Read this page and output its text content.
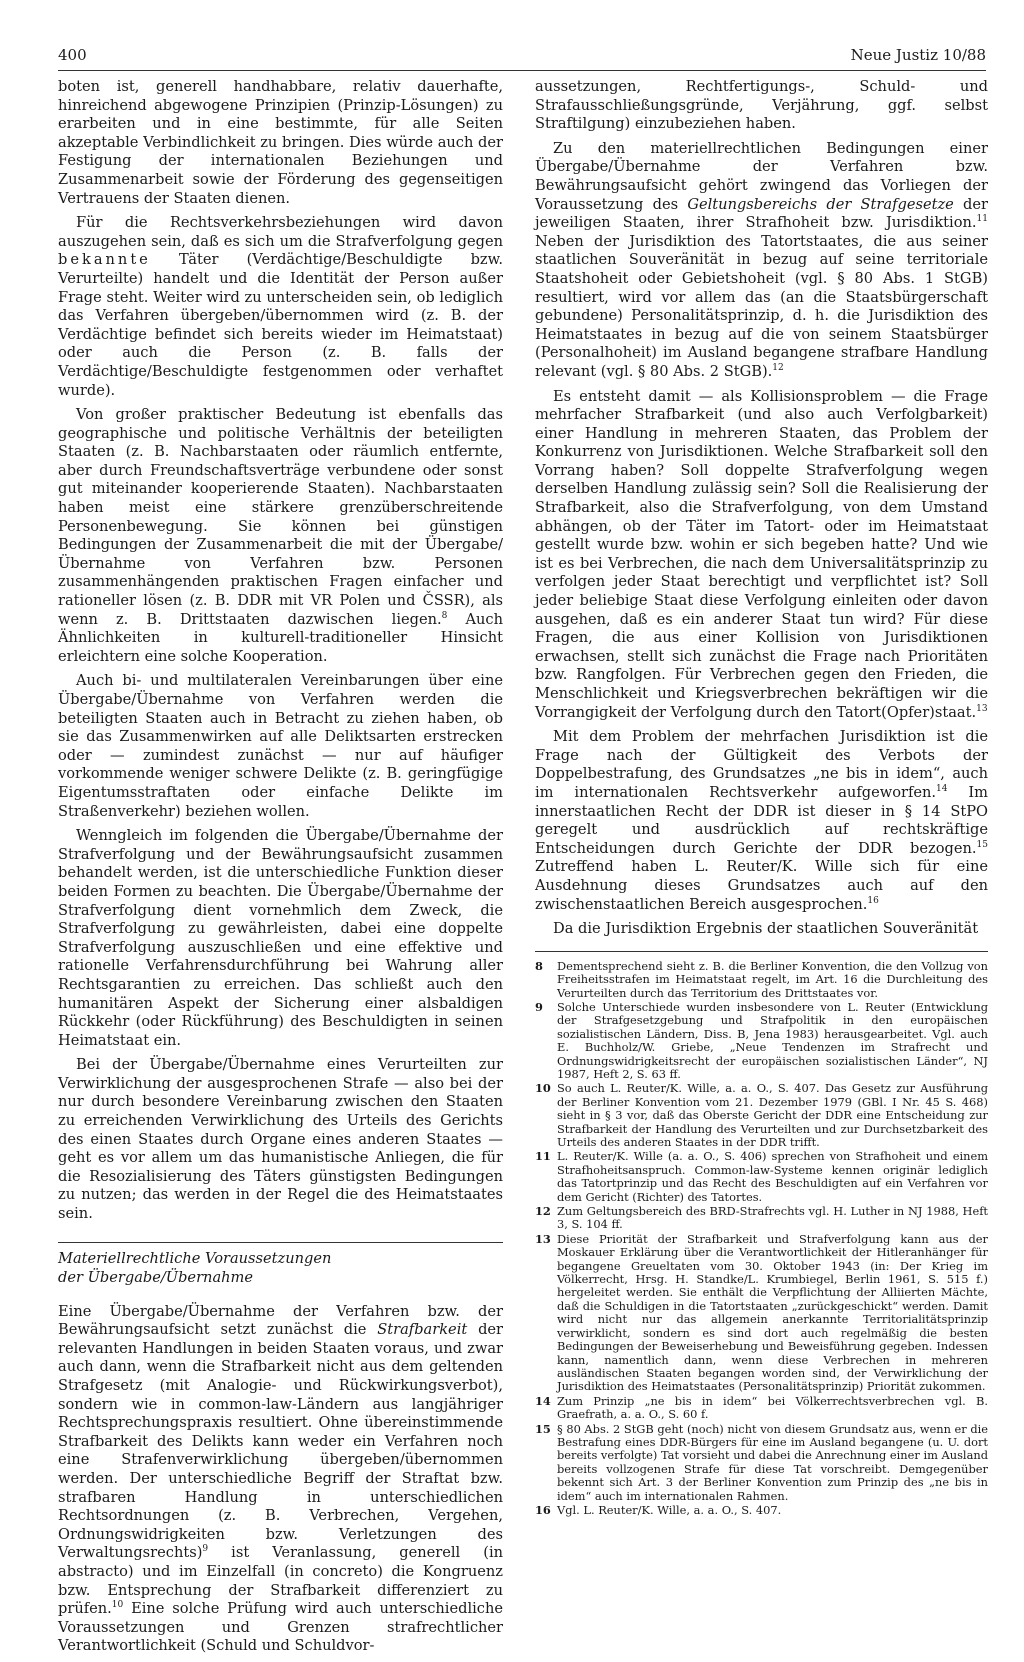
400	Neue Justiz 10/88

boten ist, generell handhabbare, relativ dauerhafte, hinreichend abgewogene Prinzipien (Prinzip-Lösungen) zu erarbeiten und in eine bestimmte, für alle Seiten akzeptable Verbindlichkeit zu bringen. Dies würde auch der Festigung der internationalen Beziehungen und Zusammenarbeit sowie der Förderung des gegenseitigen Vertrauens der Staaten dienen.

Für die Rechtsverkehrsbeziehungen wird davon auszugehen sein, daß es sich um die Strafverfolgung gegen bekannte Täter (Verdächtige/Beschuldigte bzw. Verurteilte) handelt und die Identität der Person außer Frage steht. Weiter wird zu unterscheiden sein, ob lediglich das Verfahren übergeben/übernommen wird (z. B. der Verdächtige befindet sich bereits wieder im Heimatstaat) oder auch die Person (z. B. falls der Verdächtige/Beschuldigte festgenommen oder verhaftet wurde).

Von großer praktischer Bedeutung ist ebenfalls das geographische und politische Verhältnis der beteiligten Staaten (z. B. Nachbarstaaten oder räumlich entfernte, aber durch Freundschaftsverträge verbundene oder sonst gut miteinander kooperierende Staaten). Nachbarstaaten haben meist eine stärkere grenzüberschreitende Personenbewegung. Sie können bei günstigen Bedingungen der Zusammenarbeit die mit der Übergabe/Übernahme von Verfahren bzw. Personen zusammenhängenden praktischen Fragen einfacher und rationeller lösen (z. B. DDR mit VR Polen und ČSSR), als wenn z. B. Drittstaaten dazwischen liegen.$^8$ Auch Ähnlichkeiten in kulturell-traditioneller Hinsicht erleichtern eine solche Kooperation.

Auch bi- und multilateralen Vereinbarungen über eine Übergabe/Übernahme von Verfahren werden die beteiligten Staaten auch in Betracht zu ziehen haben, ob sie das Zusammenwirken auf alle Deliktsarten erstrecken oder — zumindest zunächst — nur auf häufiger vorkommende weniger schwere Delikte (z. B. geringfügige Eigentumsstraftaten oder einfache Delikte im Straßenverkehr) beziehen wollen.

Wenngleich im folgenden die Übergabe/Übernahme der Strafverfolgung und der Bewährungsaufsicht zusammen behandelt werden, ist die unterschiedliche Funktion dieser beiden Formen zu beachten. Die Übergabe/Übernahme der Strafverfolgung dient vornehmlich dem Zweck, die Strafverfolgung zu gewährleisten, dabei eine doppelte Strafverfolgung auszuschließen und eine effektive und rationelle Verfahrensdurchführung bei Wahrung aller Rechtsgarantien zu erreichen. Das schließt auch den humanitären Aspekt der Sicherung einer alsbaldigen Rückkehr (oder Rückführung) des Beschuldigten in seinen Heimatstaat ein.

Bei der Übergabe/Übernahme eines Verurteilten zur Verwirklichung der ausgesprochenen Strafe — also bei der nur durch besondere Vereinbarung zwischen den Staaten zu erreichenden Verwirklichung des Urteils des Gerichts des einen Staates durch Organe eines anderen Staates — geht es vor allem um das humanistische Anliegen, die für die Resozialisierung des Täters günstigsten Bedingungen zu nutzen; das werden in der Regel die des Heimatstaates sein.

Materiellrechtliche Voraussetzungen
der Übergabe/Übernahme

Eine Übergabe/Übernahme der Verfahren bzw. der Bewährungsaufsicht setzt zunächst die Strafbarkeit der relevanten Handlungen in beiden Staaten voraus, und zwar auch dann, wenn die Strafbarkeit nicht aus dem geltenden Strafgesetz (mit Analogie- und Rückwirkungsverbot), sondern wie in common-law-Ländern aus langjähriger Rechtsprechungspraxis resultiert. Ohne übereinstimmende Strafbarkeit des Delikts kann weder ein Verfahren noch eine Strafenverwirklichung übergeben/übernommen werden. Der unterschiedliche Begriff der Straftat bzw. strafbaren Handlung in unterschiedlichen Rechtsordnungen (z. B. Verbrechen, Vergehen, Ordnungswidrigkeiten bzw. Verletzungen des Verwaltungsrechts)$^9$ ist Veranlassung, generell (in abstracto) und im Einzelfall (in concreto) die Kongruenz bzw. Entsprechung der Strafbarkeit differenziert zu prüfen.$^{10}$ Eine solche Prüfung wird auch unterschiedliche Voraussetzungen und Grenzen strafrechtlicher Verantwortlichkeit (Schuld und Schuldvor-

aussetzungen, Rechtfertigungs-, Schuld- und Strafausschließungsgründe, Verjährung, ggf. selbst Straftilgung) einzubeziehen haben.

Zu den materiellrechtlichen Bedingungen einer Übergabe/Übernahme der Verfahren bzw. Bewährungsaufsicht gehört zwingend das Vorliegen der Voraussetzung des Geltungsbereichs der Strafgesetze der jeweiligen Staaten, ihrer Strafhoheit bzw. Jurisdiktion.$^{11}$ Neben der Jurisdiktion des Tatortstaates, die aus seiner staatlichen Souveränität in bezug auf seine territoriale Staatshoheit oder Gebietshoheit (vgl. § 80 Abs. 1 StGB) resultiert, wird vor allem das (an die Staatsbürgerschaft gebundene) Personalitätsprinzip, d. h. die Jurisdiktion des Heimatstaates in bezug auf die von seinem Staatsbürger (Personalhoheit) im Ausland begangene strafbare Handlung relevant (vgl. § 80 Abs. 2 StGB).$^{12}$

Es entsteht damit — als Kollisionsproblem — die Frage mehrfacher Strafbarkeit (und also auch Verfolgbarkeit) einer Handlung in mehreren Staaten, das Problem der Konkurrenz von Jurisdiktionen. Welche Strafbarkeit soll den Vorrang haben? Soll doppelte Strafverfolgung wegen derselben Handlung zulässig sein? Soll die Realisierung der Strafbarkeit, also die Strafverfolgung, von dem Umstand abhängen, ob der Täter im Tatort- oder im Heimatstaat gestellt wurde bzw. wohin er sich begeben hatte? Und wie ist es bei Verbrechen, die nach dem Universalitätsprinzip zu verfolgen jeder Staat berechtigt und verpflichtet ist? Soll jeder beliebige Staat diese Verfolgung einleiten oder davon ausgehen, daß es ein anderer Staat tun wird? Für diese Fragen, die aus einer Kollision von Jurisdiktionen erwachsen, stellt sich zunächst die Frage nach Prioritäten bzw. Rangfolgen. Für Verbrechen gegen den Frieden, die Menschlichkeit und Kriegsverbrechen bekräftigen wir die Vorrangigkeit der Verfolgung durch den Tatort(Opfer)staat.$^{13}$

Mit dem Problem der mehrfachen Jurisdiktion ist die Frage nach der Gültigkeit des Verbots der Doppelbestrafung, des Grundsatzes „ne bis in idem“, auch im internationalen Rechtsverkehr aufgeworfen.$^{14}$ Im innerstaatlichen Recht der DDR ist dieser in § 14 StPO geregelt und ausdrücklich auf rechtskräftige Entscheidungen durch Gerichte der DDR bezogen.$^{15}$ Zutreffend haben L. Reuter/K. Wille sich für eine Ausdehnung dieses Grundsatzes auch auf den zwischenstaatlichen Bereich ausgesprochen.$^{16}$

Da die Jurisdiktion Ergebnis der staatlichen Souveränität

8	Dementsprechend sieht z. B. die Berliner Konvention, die den Vollzug von Freiheitsstrafen im Heimatstaat regelt, im Art. 16 die Durchleitung des Verurteilten durch das Territorium des Drittstaates vor.
9	Solche Unterschiede wurden insbesondere von L. Reuter (Entwicklung der Strafgesetzgebung und Strafpolitik in den europäischen sozialistischen Ländern, Diss. B, Jena 1983) herausgearbeitet. Vgl. auch E. Buchholz/W. Griebe, „Neue Tendenzen im Strafrecht und Ordnungswidrigkeitsrecht der europäischen sozialistischen Länder“, NJ 1987, Heft 2, S. 63 ff.
10 So auch L. Reuter/K. Wille, a. a. O., S. 407. Das Gesetz zur Ausführung der Berliner Konvention vom 21. Dezember 1979 (GBl. I Nr. 45 S. 468) sieht in § 3 vor, daß das Oberste Gericht der DDR eine Entscheidung zur Strafbarkeit der Handlung des Verurteilten und zur Durchsetzbarkeit des Urteils des anderen Staates in der DDR trifft.
11 L. Reuter/K. Wille (a. a. O., S. 406) sprechen von Strafhoheit und einem Strafhoheitsanspruch. Common-law-Systeme kennen originär lediglich das Tatortprinzip und das Recht des Beschuldigten auf ein Verfahren vor dem Gericht (Richter) des Tatortes.
12 Zum Geltungsbereich des BRD-Strafrechts vgl. H. Luther in NJ 1988, Heft 3, S. 104 ff.
13 Diese Priorität der Strafbarkeit und Strafverfolgung kann aus der Moskauer Erklärung über die Verantwortlichkeit der Hitleranhänger für begangene Greueltaten vom 30. Oktober 1943 (in: Der Krieg im Völkerrecht, Hrsg. H. Standke/L. Krumbiegel, Berlin 1961, S. 515 f.) hergeleitet werden. Sie enthält die Verpflichtung der Alliierten Mächte, daß die Schuldigen in die Tatortstaaten „zurückgeschickt“ werden. Damit wird nicht nur das allgemein anerkannte Territorialitätsprinzip verwirklicht, sondern es sind dort auch regelmäßig die besten Bedingungen der Beweiserhebung und Beweisführung gegeben. Indessen kann, namentlich dann, wenn diese Verbrechen in mehreren ausländischen Staaten begangen worden sind, der Verwirklichung der Jurisdiktion des Heimatstaates (Personalitätsprinzip) Priorität zukommen.
14 Zum Prinzip „ne bis in idem“ bei Völkerrechtsverbrechen vgl. B. Graefrath, a. a. O., S. 60 f.
15 § 80 Abs. 2 StGB geht (noch) nicht von diesem Grundsatz aus, wenn er die Bestrafung eines DDR-Bürgers für eine im Ausland begangene (u. U. dort bereits verfolgte) Tat vorsieht und dabei die Anrechnung einer im Ausland bereits vollzogenen Strafe für diese Tat vorschreibt. Demgegenüber bekennt sich Art. 3 der Berliner Konvention zum Prinzip des „ne bis in idem“ auch im internationalen Rahmen.
16 Vgl. L. Reuter/K. Wille, a. a. O., S. 407.
